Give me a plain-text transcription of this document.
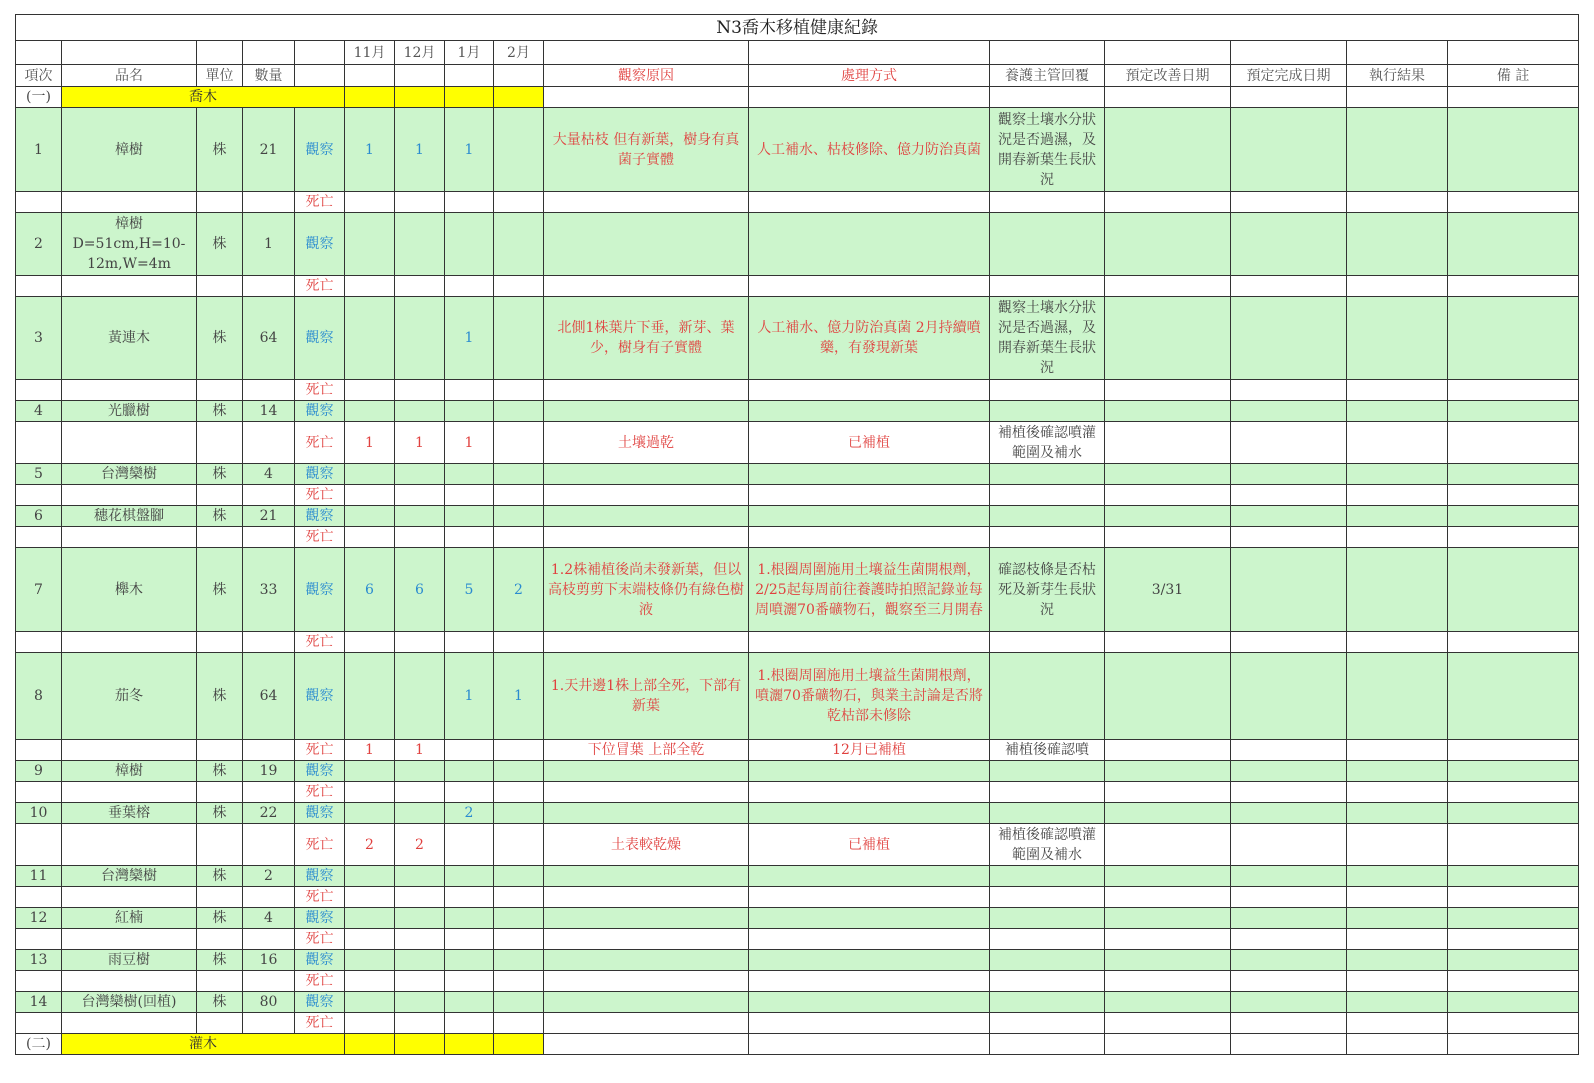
N3喬木移植健康紀錄															
					11月	12月	1月	2月							
項次	品名	單位	數量						觀察原因	處理方式	養護主管回覆	預定改善日期	預定完成日期	執行結果	備 註
(一)	喬木														
1	樟樹	株	21	觀察	1	1	1		大量枯枝 但有新葉，樹身有真菌子實體	人工補水、枯枝修除、億力防治真菌	觀察土壤水分狀況是否過濕，及開春新葉生長狀況				
				死亡											
2	樟樹 D=51cm,H=10-12m,W=4m	株	1	觀察											
				死亡											
3	黃連木	株	64	觀察			1		北側1株葉片下垂，新芽、葉少，樹身有子實體	人工補水、億力防治真菌 2月持續噴藥，有發現新葉	觀察土壤水分狀況是否過濕，及開春新葉生長狀況				
				死亡											
4	光臘樹	株	14	觀察											
				死亡	1	1	1		土壤過乾	已補植	補植後確認噴灌範圍及補水				
5	台灣欒樹	株	4	觀察											
				死亡											
6	穗花棋盤腳	株	21	觀察											
				死亡											
7	櫸木	株	33	觀察	6	6	5	2	1.2株補植後尚未發新葉，但以高枝剪剪下末端枝條仍有綠色樹液	1.根圈周圍施用土壤益生菌開根劑，2/25起每周前往養護時拍照記錄並每周噴灑70番礦物石，觀察至三月開春	確認枝條是否枯死及新芽生長狀況	3/31			
				死亡											
8	茄冬	株	64	觀察			1	1	1.天井邊1株上部全死，下部有新葉	1.根圈周圍施用土壤益生菌開根劑，噴灑70番礦物石，與業主討論是否將乾枯部未修除					
				死亡	1	1			下位冒葉 上部全乾	12月已補植	補植後確認噴				
9	樟樹	株	19	觀察											
				死亡											
10	垂葉榕	株	22	觀察			2								
				死亡	2	2			土表較乾燥	已補植	補植後確認噴灌範圍及補水				
11	台灣欒樹	株	2	觀察											
				死亡											
12	紅楠	株	4	觀察											
				死亡											
13	雨豆樹	株	16	觀察											
				死亡											
14	台灣欒樹(回植)	株	80	觀察											
				死亡											
(二)	灌木														
